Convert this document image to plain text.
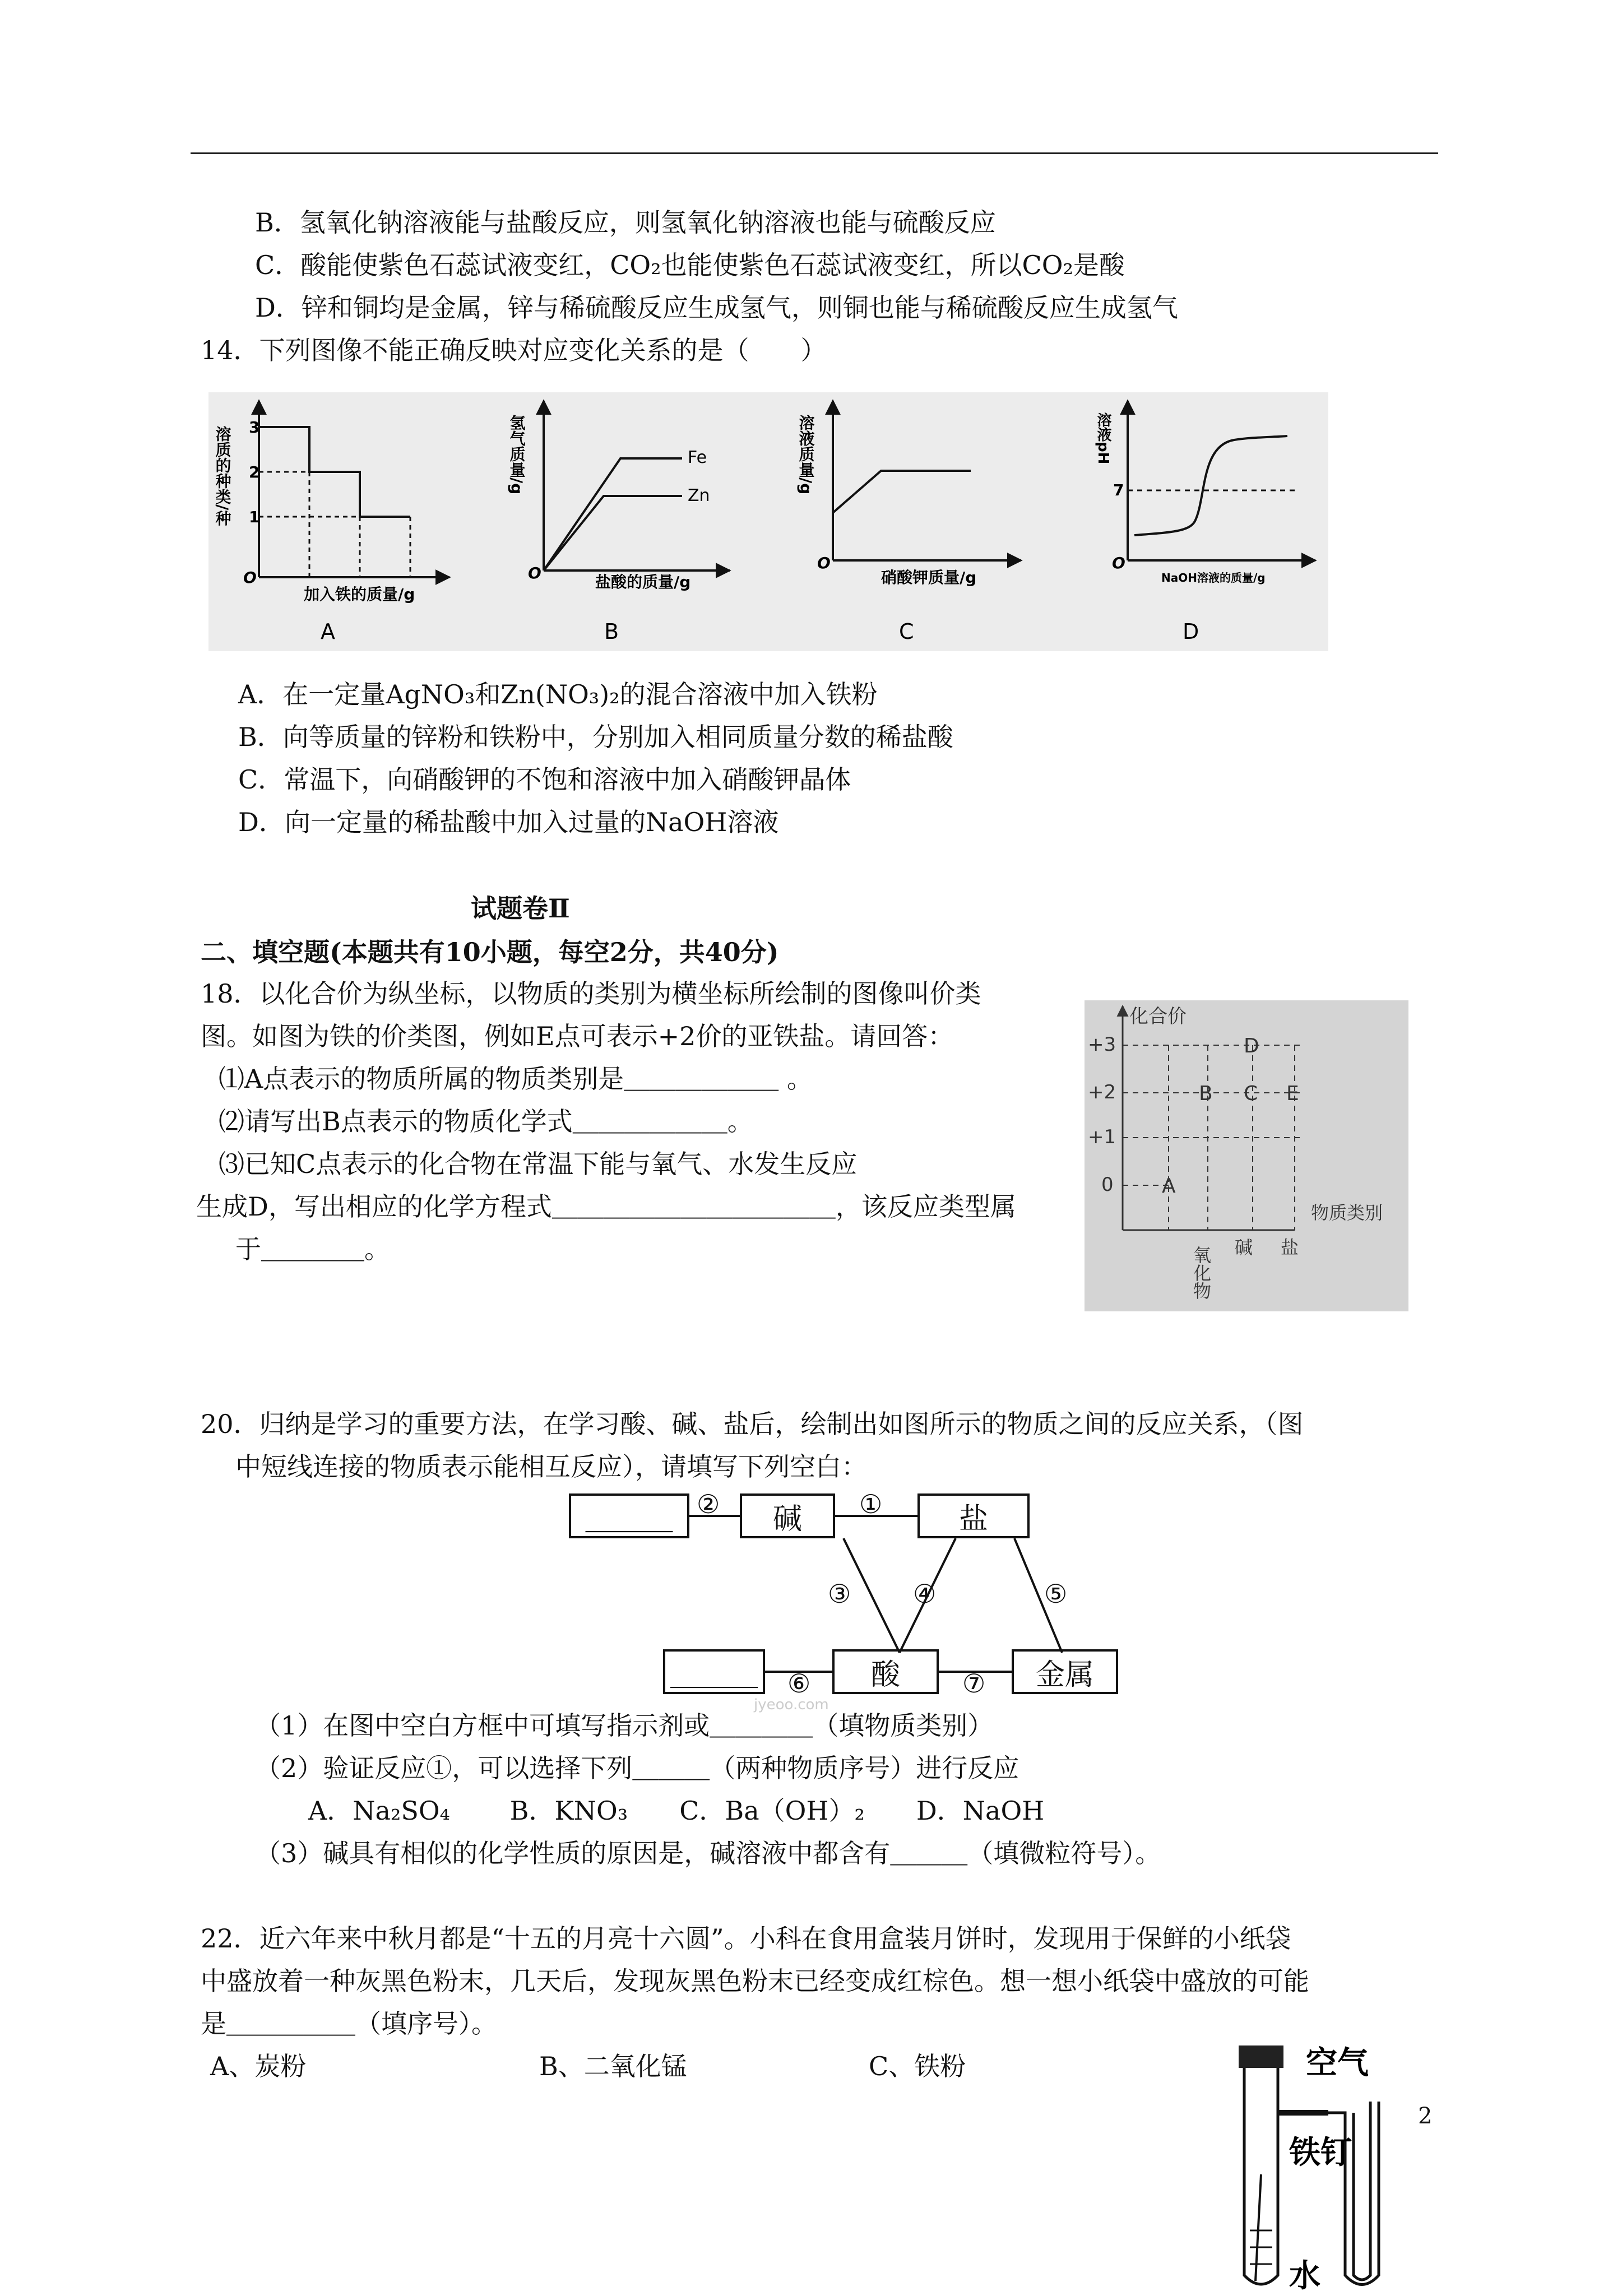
B．氢氧化钠溶液能与盐酸反应，则氢氧化钠溶液也能与硫酸反应
C．酸能使紫色石蕊试液变红，CO₂也能使紫色石蕊试液变红，所以CO₂是酸
D．锌和铜均是金属，锌与稀硫酸反应生成氢气，则铜也能与稀硫酸反应生成氢气
14．下列图像不能正确反映对应变化关系的是（　　）
3
2
1
O
加入铁的质量/g
A
溶质的种类/种	Fe
Zn
O	盐酸的质量/g
B
氢气质量/g
O
硝酸钾质量/g
C
溶液质量/g	7
O
NaOH溶液的质量/g
D
溶液pH
A．在一定量AgNO₃和Zn(NO₃)₂的混合溶液中加入铁粉
B．向等质量的锌粉和铁粉中，分别加入相同质量分数的稀盐酸
C．常温下，向硝酸钾的不饱和溶液中加入硝酸钾晶体
D．向一定量的稀盐酸中加入过量的NaOH溶液
试题卷Ⅱ
二、填空题(本题共有10小题，每空2分，共40分)
18．以化合价为纵坐标，以物质的类别为横坐标所绘制的图像叫价类
图。如图为铁的价类图，例如E点可表示+2价的亚铁盐。请回答：
⑴A点表示的物质所属的物质类别是＿＿＿＿＿＿ 。
⑵请写出B点表示的物质化学式＿＿＿＿＿＿。
⑶已知C点表示的化合物在常温下能与氧气、水发生反应
生成D，写出相应的化学方程式＿＿＿＿＿＿＿＿＿＿＿，该反应类型属
于＿＿＿＿。
化合价
+3
+2
+1
0 A
B C
D
E
物质类别
氧化物 碱 盐
20．归纳是学习的重要方法，在学习酸、碱、盐后，绘制出如图所示的物质之间的反应关系，（图
中短线连接的物质表示能相互反应），请填写下列空白：
jyeoo.com
＿＿＿	碱	盐
＿＿＿	酸	金属
②	①
③ ④	⑤
⑥	⑦
（1）在图中空白方框中可填写指示剂或＿＿＿＿（填物质类别）
（2）验证反应①，可以选择下列＿＿＿（两种物质序号）进行反应
A．Na₂SO₄　　 B．KNO₃　　C．Ba（OH）₂　　D．NaOH
（3）碱具有相似的化学性质的原因是，碱溶液中都含有＿＿＿（填微粒符号）。
22．近六年来中秋月都是“十五的月亮十六圆”。小科在食用盒装月饼时，发现用于保鲜的小纸袋
中盛放着一种灰黑色粉末，几天后，发现灰黑色粉末已经变成红棕色。想一想小纸袋中盛放的可能
是＿＿＿＿＿（填序号）。
A、炭粉	B、二氧化锰	C、铁粉	空气
铁钉
水
2
